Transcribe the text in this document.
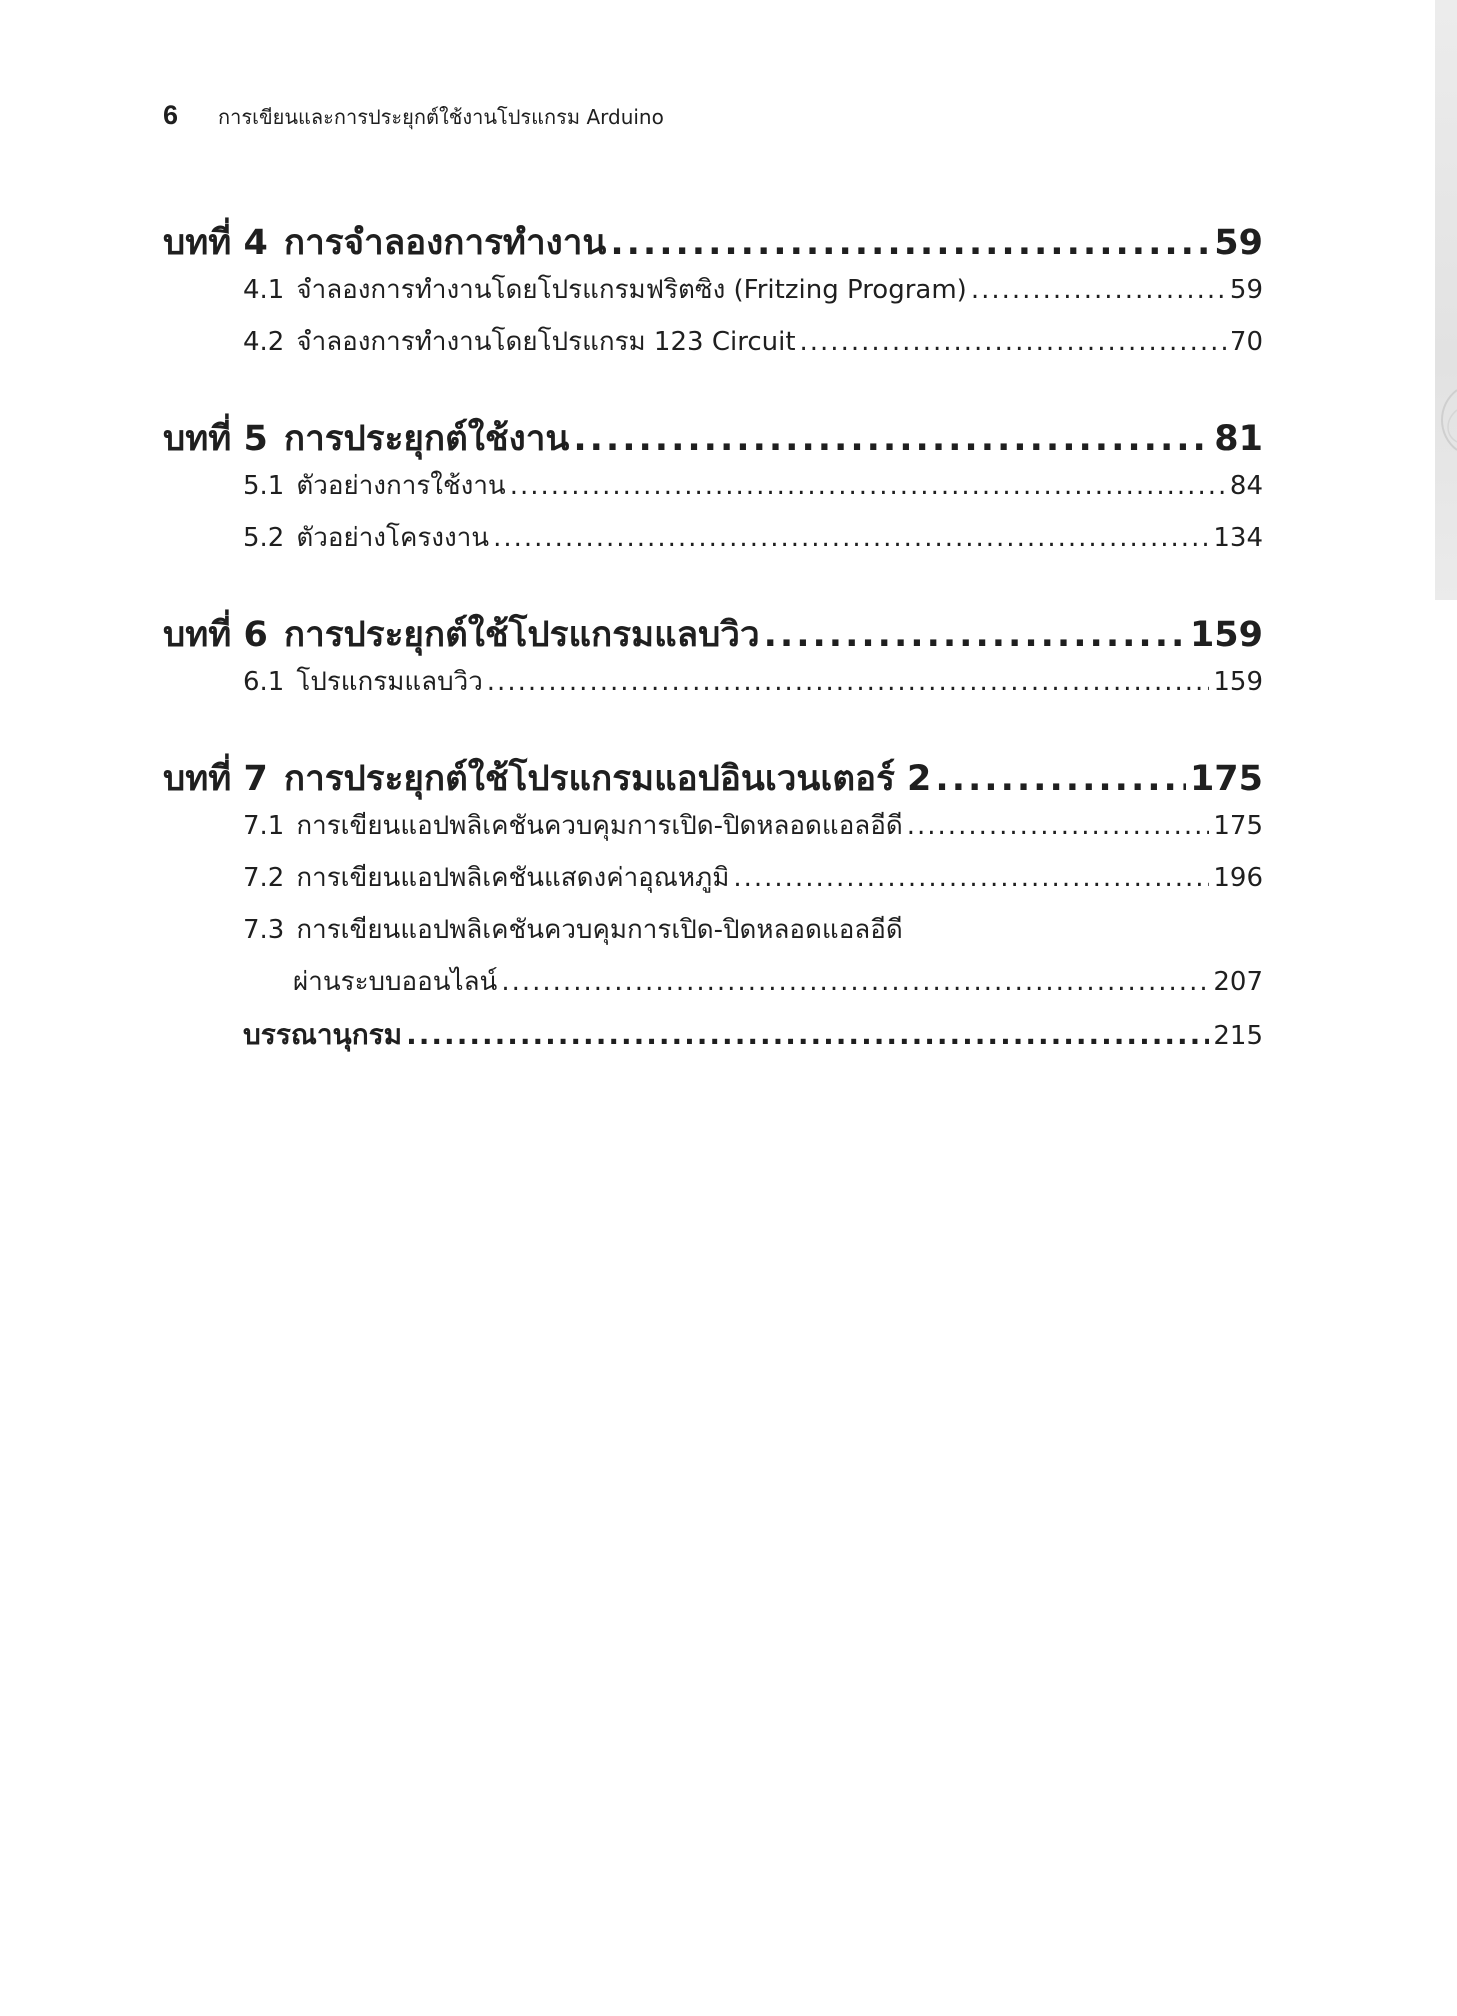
6 การเขียนและการประยุกต์ใช้งานโปรแกรม Arduino
บทที่ 4 การจำลองการทำงาน .....	59
4.1 จำลองการทำงานโดยโปรแกรมฟริตซิง (Fritzing Program) .....	59
4.2 จำลองการทำงานโดยโปรแกรม 123 Circuit .....	70
บทที่ 5 การประยุกต์ใช้งาน .....	81
5.1 ตัวอย่างการใช้งาน .....	84
5.2 ตัวอย่างโครงงาน .....	134
บทที่ 6 การประยุกต์ใช้โปรแกรมแลบวิว .....	159
6.1 โปรแกรมแลบวิว .....	159
บทที่ 7 การประยุกต์ใช้โปรแกรมแอปอินเวนเตอร์ 2 .....	175
7.1 การเขียนแอปพลิเคชันควบคุมการเปิด-ปิดหลอดแอลอีดี .....	175
7.2 การเขียนแอปพลิเคชันแสดงค่าอุณหภูมิ .....	196
7.3 การเขียนแอปพลิเคชันควบคุมการเปิด-ปิดหลอดแอลอีดี
ผ่านระบบออนไลน์ .....	207
บรรณานุกรม .....	215
